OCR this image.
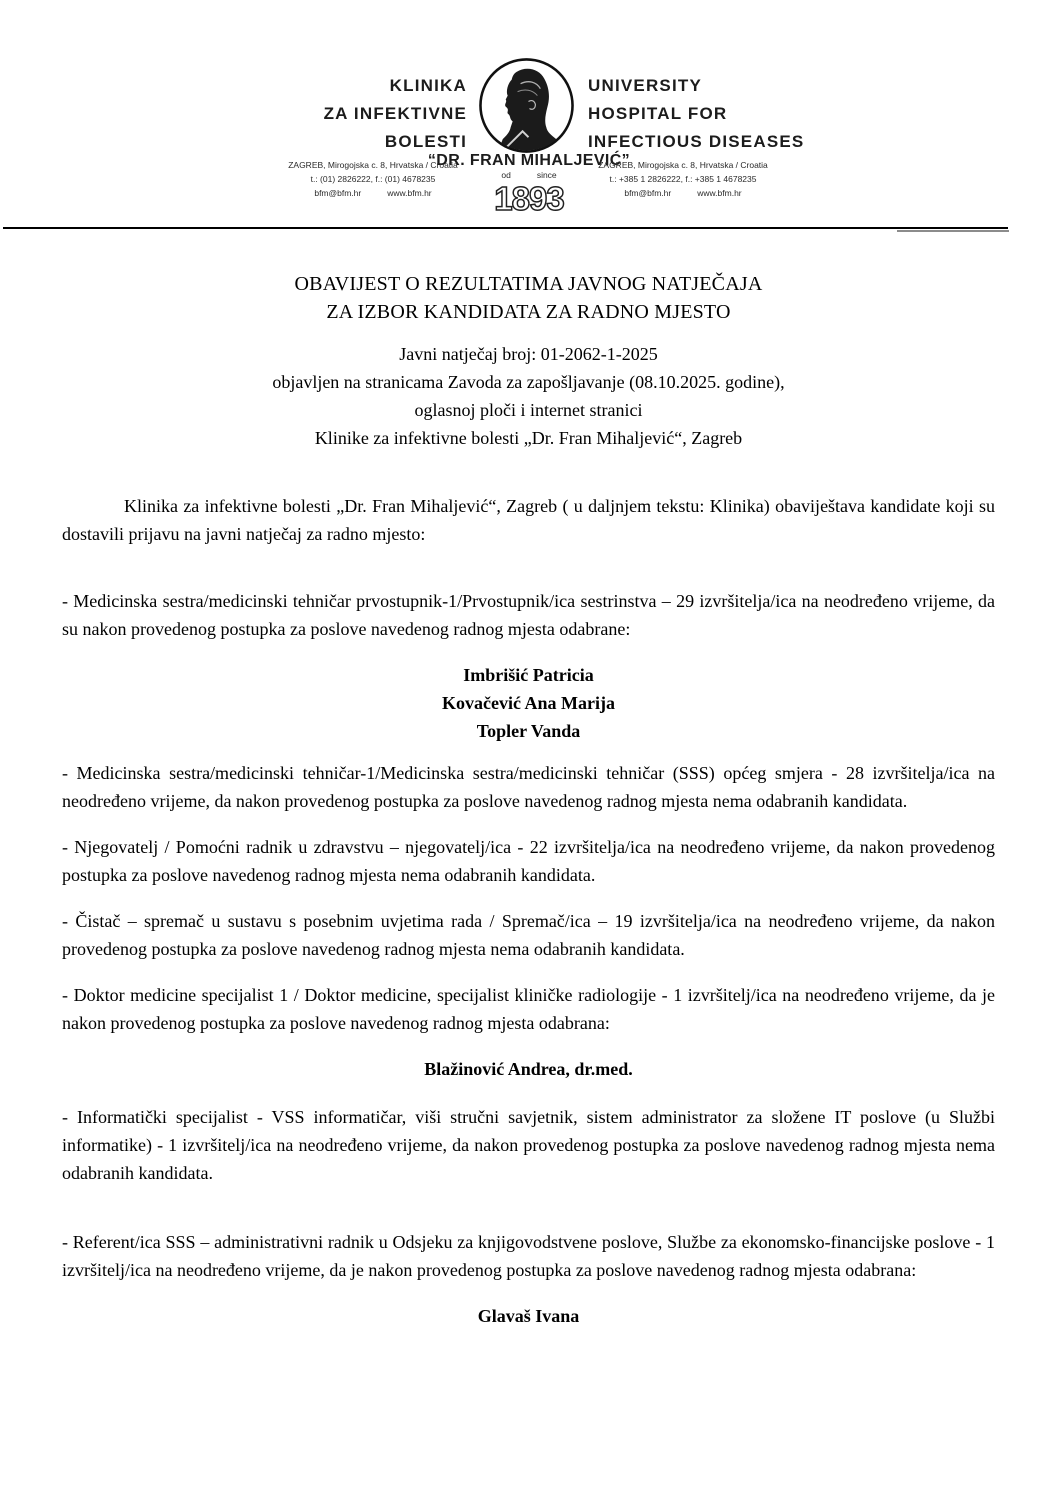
KLINIKA
ZA INFEKTIVNE
BOLESTI
UNIVERSITY
HOSPITAL FOR
INFECTIOUS DISEASES
“DR. FRAN MIHALJEVIĆ”
ZAGREB, Mirogojska c. 8, Hrvatska / Croatia
t.: (01) 2826222, f.: (01) 4678235
bfm@bfm.hr	www.bfm.hr
ZAGREB, Mirogojska c. 8, Hrvatska / Croatia
t.: +385 1 2826222, f.: +385 1 4678235
bfm@bfm.hr	www.bfm.hr
od	since
1893
OBAVIJEST O REZULTATIMA JAVNOG NATJEČAJA
ZA IZBOR KANDIDATA ZA RADNO MJESTO
Javni natječaj broj: 01-2062-1-2025
objavljen na stranicama Zavoda za zapošljavanje (08.10.2025. godine),
oglasnoj ploči i internet stranici
Klinike za infektivne bolesti „Dr. Fran Mihaljević“, Zagreb

Klinika za infektivne bolesti „Dr. Fran Mihaljević“, Zagreb ( u daljnjem tekstu: Klinika) obaviještava kandidate koji su dostavili prijavu na javni natječaj za radno mjesto:

- Medicinska sestra/medicinski tehničar prvostupnik-1/Prvostupnik/ica sestrinstva – 29 izvršitelja/ica na neodređeno vrijeme, da su nakon provedenog postupka za poslove navedenog radnog mjesta odabrane:

Imbrišić Patricia
Kovačević Ana Marija
Topler Vanda

- Medicinska sestra/medicinski tehničar-1/Medicinska sestra/medicinski tehničar (SSS) općeg smjera - 28 izvršitelja/ica na neodređeno vrijeme, da nakon provedenog postupka za poslove navedenog radnog mjesta nema odabranih kandidata.

- Njegovatelj / Pomoćni radnik u zdravstvu – njegovatelj/ica - 22 izvršitelja/ica na neodređeno vrijeme, da nakon provedenog postupka za poslove navedenog radnog mjesta nema odabranih kandidata.

- Čistač – spremač u sustavu s posebnim uvjetima rada / Spremač/ica – 19 izvršitelja/ica na neodređeno vrijeme, da nakon provedenog postupka za poslove navedenog radnog mjesta nema odabranih kandidata.

- Doktor medicine specijalist 1 / Doktor medicine, specijalist kliničke radiologije - 1 izvršitelj/ica na neodređeno vrijeme, da je nakon provedenog postupka za poslove navedenog radnog mjesta odabrana:

Blažinović Andrea, dr.med.

- Informatički specijalist - VSS informatičar, viši stručni savjetnik, sistem administrator za složene IT poslove (u Službi informatike) - 1 izvršitelj/ica na neodređeno vrijeme, da nakon provedenog postupka za poslove navedenog radnog mjesta nema odabranih kandidata.

- Referent/ica SSS – administrativni radnik u Odsjeku za knjigovodstvene poslove, Službe za ekonomsko-financijske poslove - 1 izvršitelj/ica na neodređeno vrijeme, da je nakon provedenog postupka za poslove navedenog radnog mjesta odabrana:

Glavaš Ivana
